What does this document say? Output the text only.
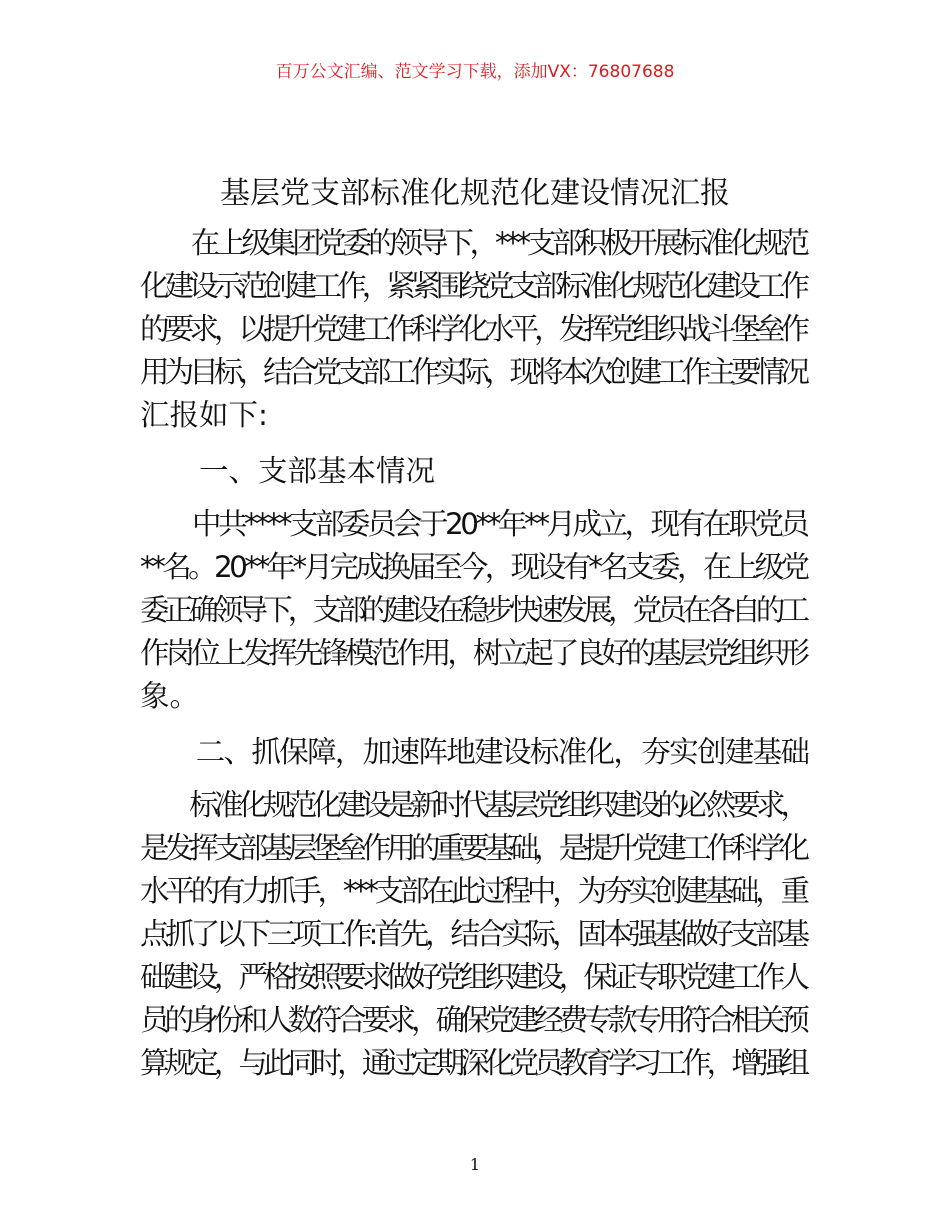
百万公文汇编、范文学习下载，添加VX：76807688
基层党支部标准化规范化建设情况汇报
　　在上级集团党委的领导下，***支部积极开展标准化规范
化建设示范创建工作，紧紧围绕党支部标准化规范化建设工作
的要求，以提升党建工作科学化水平，发挥党组织战斗堡垒作
用为目标，结合党支部工作实际，现将本次创建工作主要情况
汇报如下:
　　一、支部基本情况
　　中共****支部委员会于20**年**月成立，现有在职党员
**名。20**年*月完成换届至今，现设有*名支委，在上级党
委正确领导下，支部的建设在稳步快速发展，党员在各自的工
作岗位上发挥先锋模范作用，树立起了良好的基层党组织形
象。
　　二、抓保障，加速阵地建设标准化，夯实创建基础
　　标准化规范化建设是新时代基层党组织建设的必然要求，
是发挥支部基层堡垒作用的重要基础，是提升党建工作科学化
水平的有力抓手，***支部在此过程中，为夯实创建基础，重
点抓了以下三项工作:首先，结合实际，固本强基做好支部基
础建设，严格按照要求做好党组织建设，保证专职党建工作人
员的身份和人数符合要求，确保党建经费专款专用符合相关预
算规定，与此同时，通过定期深化党员教育学习工作，增强组
1
